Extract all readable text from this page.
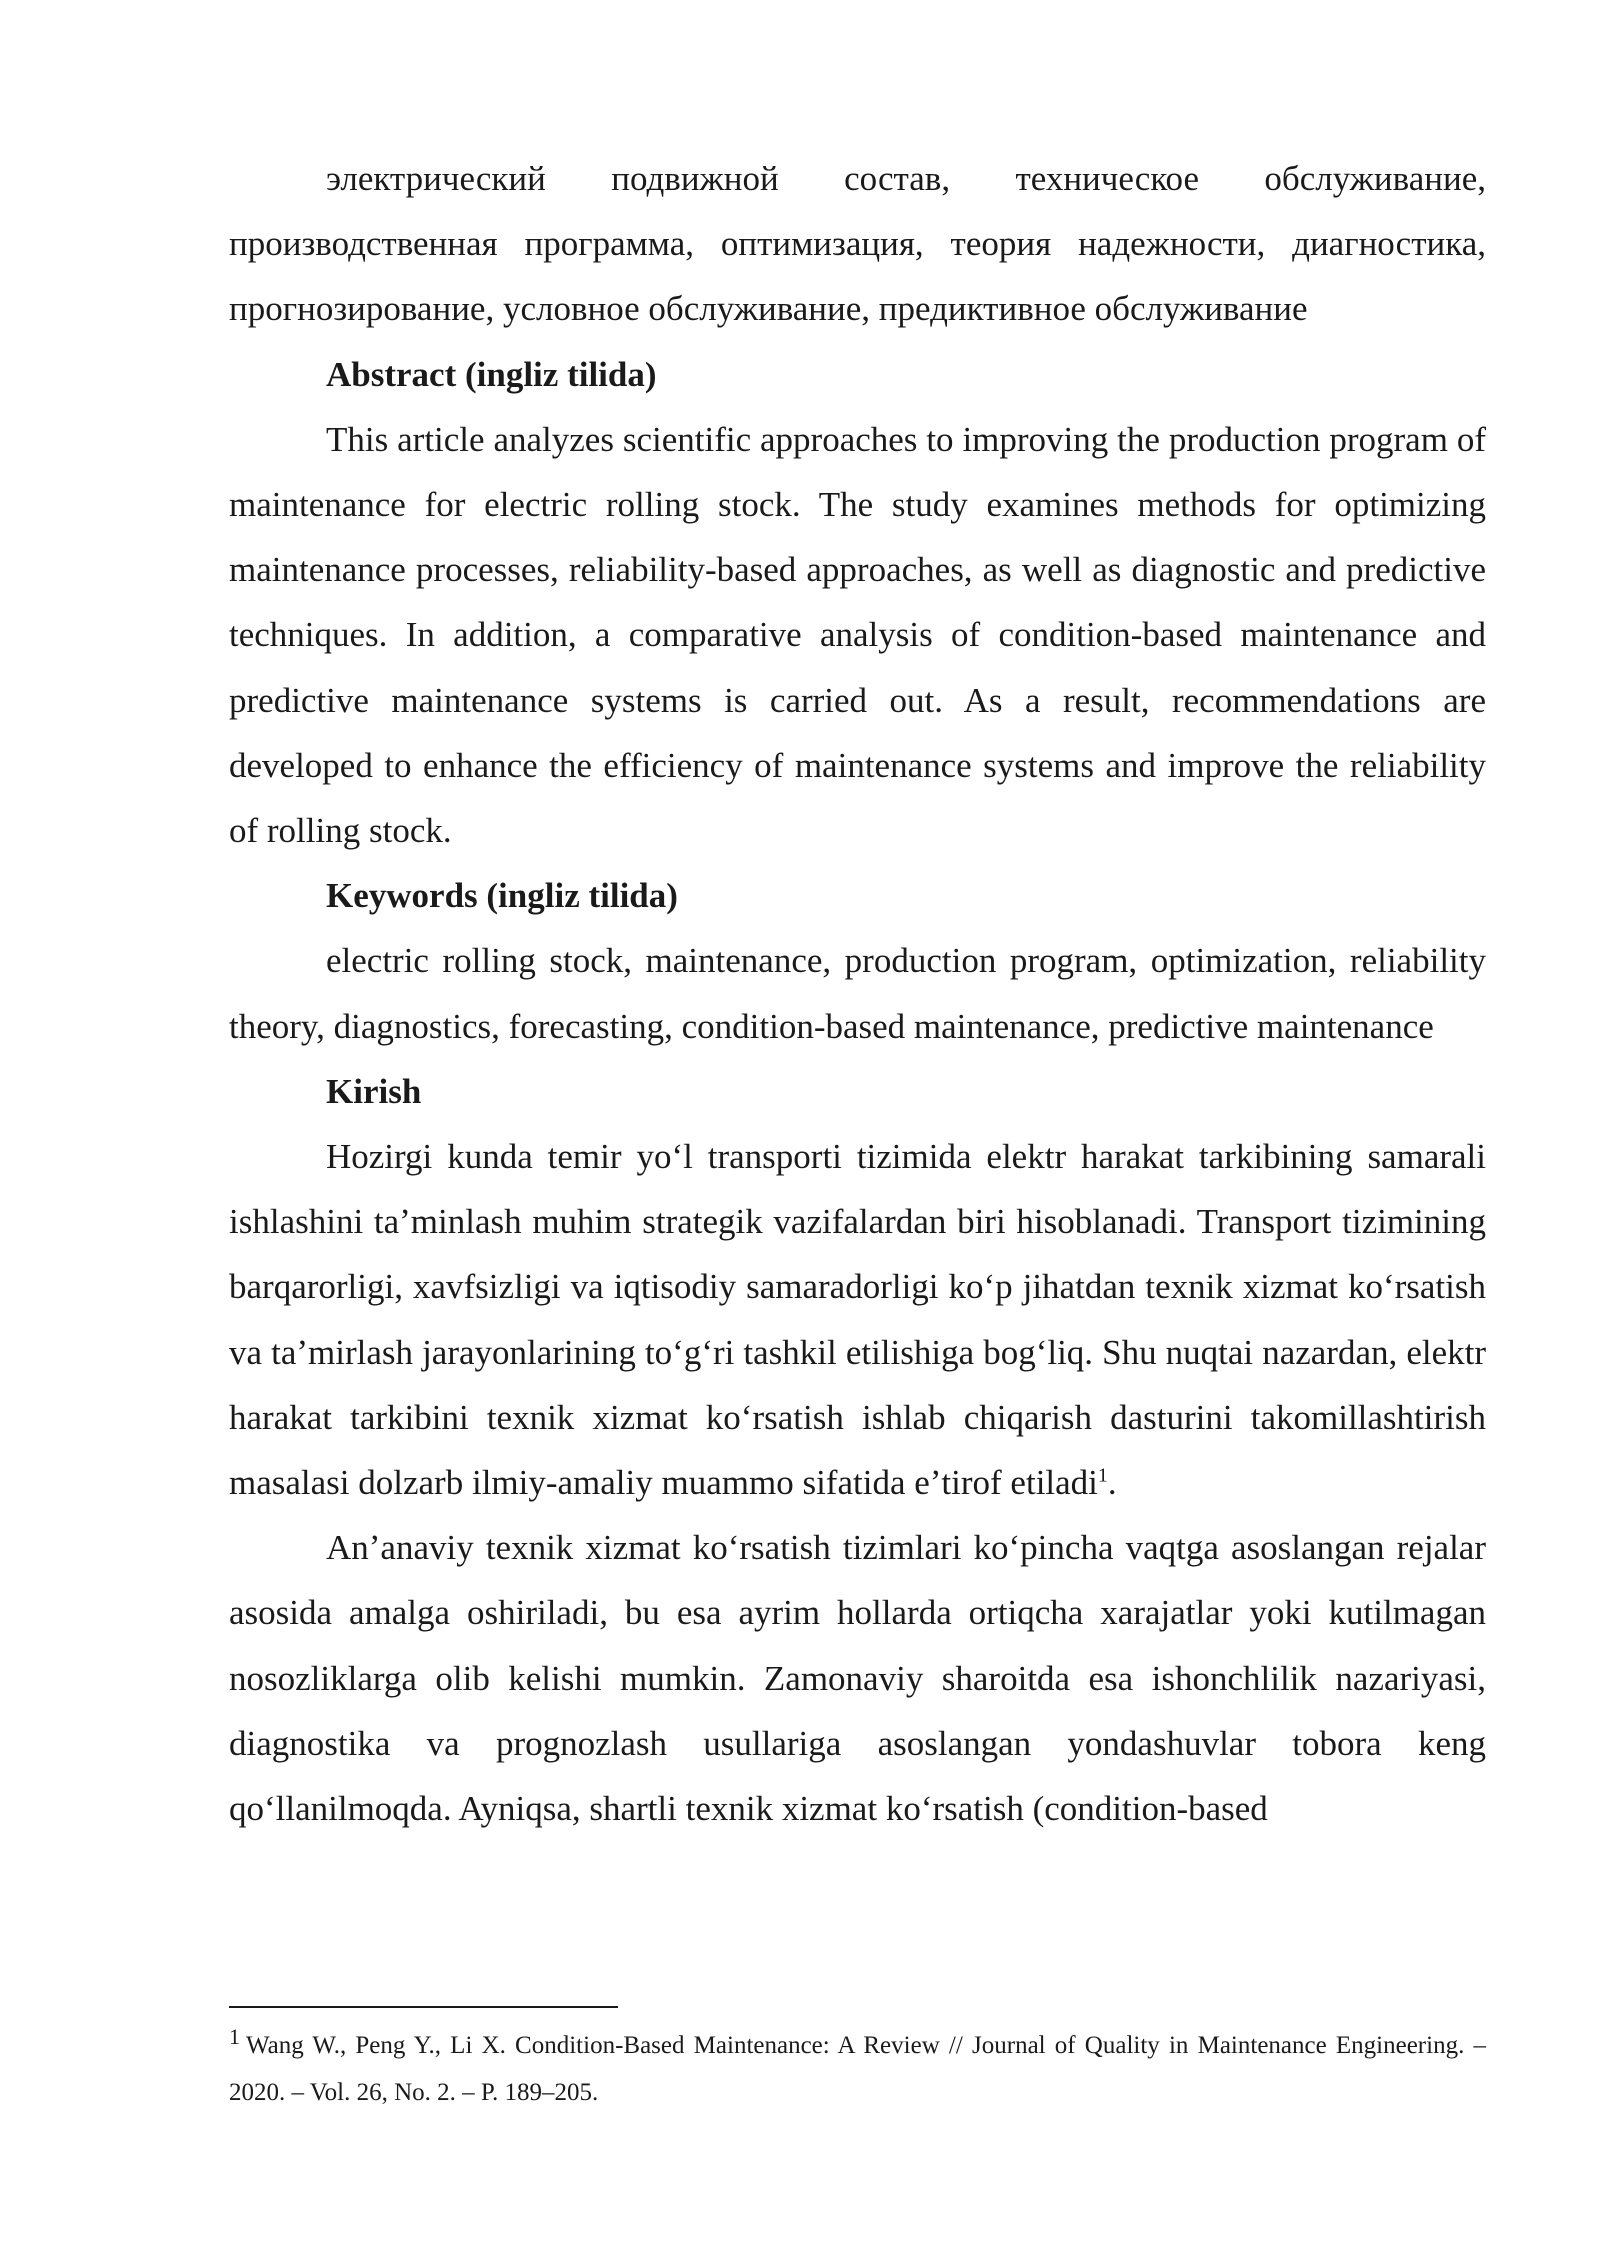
электрический подвижной состав, техническое обслуживание, производственная программа, оптимизация, теория надежности, диагностика, прогнозирование, условное обслуживание, предиктивное обслуживание

Abstract (ingliz tilida)

This article analyzes scientific approaches to improving the production program of maintenance for electric rolling stock. The study examines methods for optimizing maintenance processes, reliability-based approaches, as well as diagnostic and predictive techniques. In addition, a comparative analysis of condition-based maintenance and predictive maintenance systems is carried out. As a result, recommendations are developed to enhance the efficiency of maintenance systems and improve the reliability of rolling stock.

Keywords (ingliz tilida)

electric rolling stock, maintenance, production program, optimization, reliability theory, diagnostics, forecasting, condition-based maintenance, predictive maintenance

Kirish

Hozirgi kunda temir yoʻl transporti tizimida elektr harakat tarkibining samarali ishlashini taʼminlash muhim strategik vazifalardan biri hisoblanadi. Transport tizimining barqarorligi, xavfsizligi va iqtisodiy samaradorligi koʻp jihatdan texnik xizmat koʻrsatish va taʼmirlash jarayonlarining toʻgʻri tashkil etilishiga bogʻliq. Shu nuqtai nazardan, elektr harakat tarkibini texnik xizmat koʻrsatish ishlab chiqarish dasturini takomillashtirish masalasi dolzarb ilmiy-amaliy muammo sifatida eʼtirof etiladi$^1$.

Anʼanaviy texnik xizmat koʻrsatish tizimlari koʻpincha vaqtga asoslangan rejalar asosida amalga oshiriladi, bu esa ayrim hollarda ortiqcha xarajatlar yoki kutilmagan nosozliklarga olib kelishi mumkin. Zamonaviy sharoitda esa ishonchlilik nazariyasi, diagnostika va prognozlash usullariga asoslangan yondashuvlar tobora keng qoʻllanilmoqda. Ayniqsa, shartli texnik xizmat koʻrsatish (condition-based

1 Wang W., Peng Y., Li X. Condition-Based Maintenance: A Review // Journal of Quality in Maintenance Engineering. – 2020. – Vol. 26, No. 2. – P. 189–205.
